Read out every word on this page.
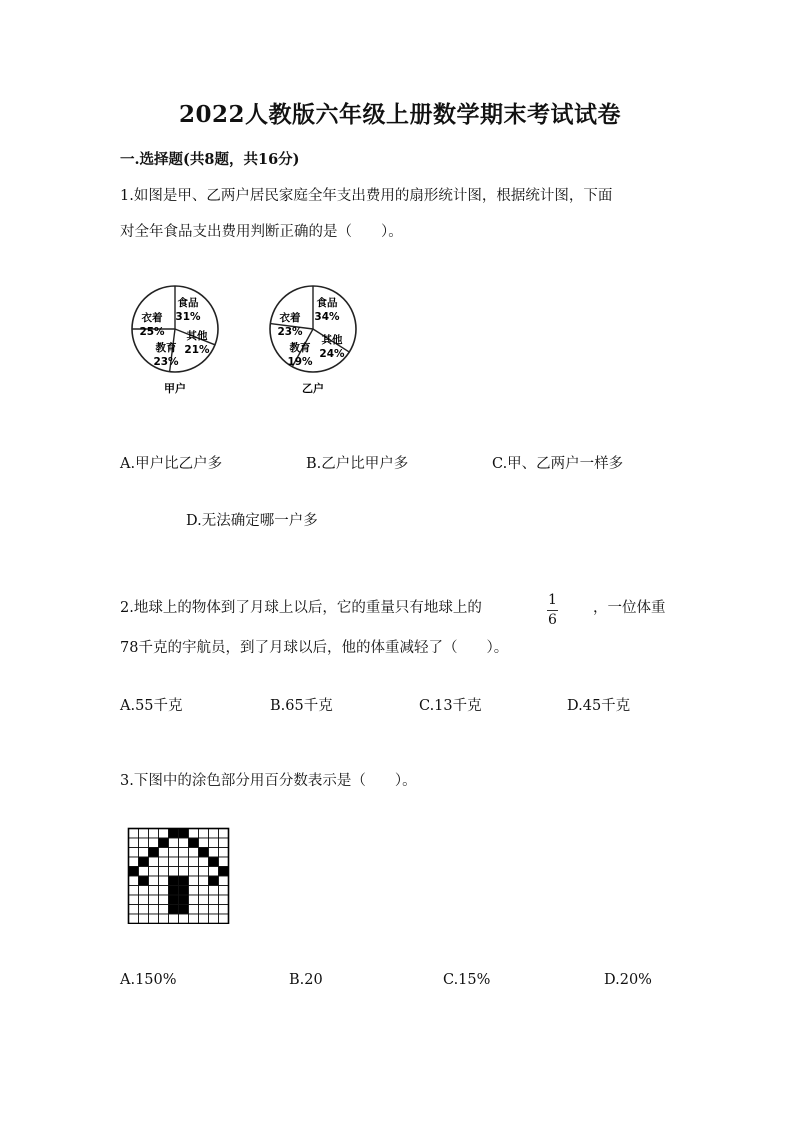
2022人教版六年级上册数学期末考试试卷
一.选择题(共8题，共16分)
1.如图是甲、乙两户居民家庭全年支出费用的扇形统计图，根据统计图，下面
对全年食品支出费用判断正确的是（　　）。
食品
31%
衣着
25% 其他
21%
教育
23%
甲户
食品
34%
衣着
23%
其他
24%
教育
19%
乙户
A.甲户比乙户多	B.乙户比甲户多	C.甲、乙两户一样多
D.无法确定哪一户多
2.地球上的物体到了月球上以后，它的重量只有地球上的	1
6
，一位体重
78千克的宇航员，到了月球以后，他的体重减轻了（　　）。
A.55千克	B.65千克	C.13千克	D.45千克
3.下图中的涂色部分用百分数表示是（　　）。
A.150%	B.20	C.15%	D.20%
